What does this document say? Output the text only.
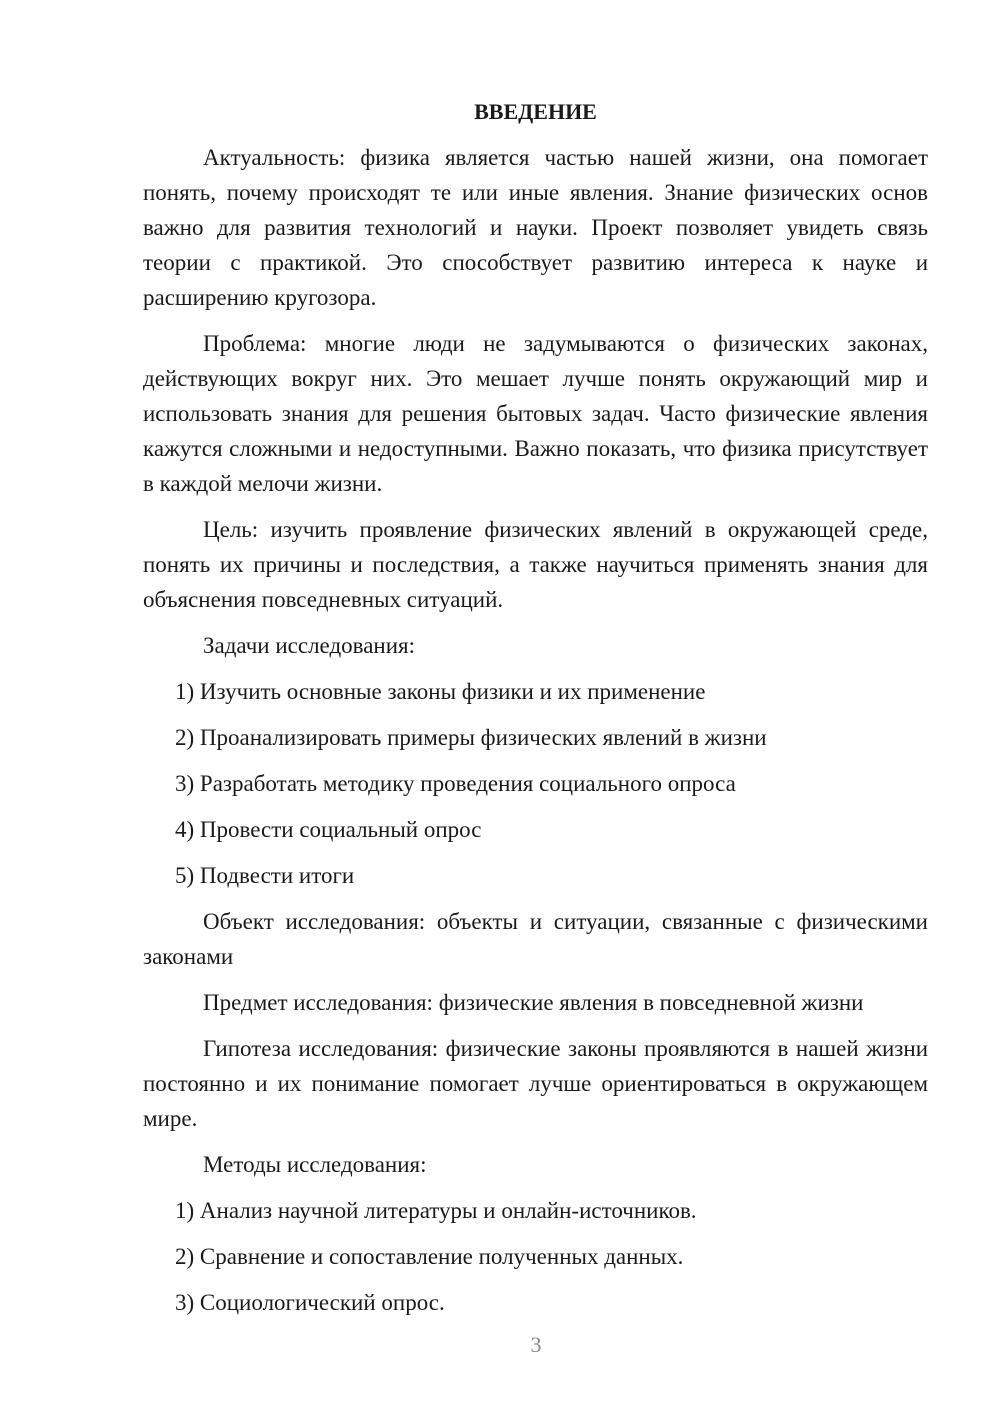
ВВЕДЕНИЕ

Актуальность: физика является частью нашей жизни, она помогает понять, почему происходят те или иные явления. Знание физических основ важно для развития технологий и науки. Проект позволяет увидеть связь теории с практикой. Это способствует развитию интереса к науке и расширению кругозора.

Проблема: многие люди не задумываются о физических законах, действующих вокруг них. Это мешает лучше понять окружающий мир и использовать знания для решения бытовых задач. Часто физические явления кажутся сложными и недоступными. Важно показать, что физика присутствует в каждой мелочи жизни.

Цель: изучить проявление физических явлений в окружающей среде, понять их причины и последствия, а также научиться применять знания для объяснения повседневных ситуаций.

Задачи исследования:

1) Изучить основные законы физики и их применение

2) Проанализировать примеры физических явлений в жизни

3) Разработать методику проведения социального опроса

4) Провести социальный опрос

5) Подвести итоги

Объект исследования: объекты и ситуации, связанные с физическими законами

Предмет исследования: физические явления в повседневной жизни

Гипотеза исследования: физические законы проявляются в нашей жизни постоянно и их понимание помогает лучше ориентироваться в окружающем мире.

Методы исследования:

1) Анализ научной литературы и онлайн-источников.

2) Сравнение и сопоставление полученных данных.

3) Социологический опрос.

3
